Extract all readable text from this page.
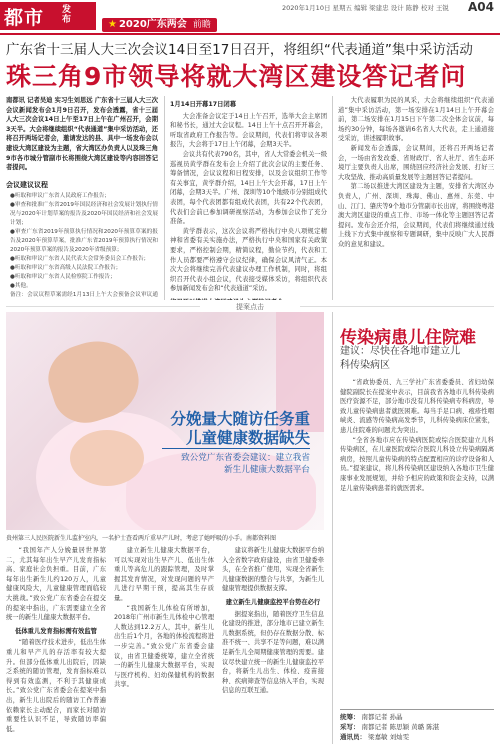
都市 发布	★ 2020广东两会 前瞻
2020年1月10日 星期五 编辑 梁建忠 设计 陈静 校对 王锐 A04
广东省十三届人大三次会议14日至17日召开，将组织“代表通道”集中采访活动
珠三角9市领导将就大湾区建设答记者问

南都讯 记者吴迪 实习生刘思远 广东省十三届人大三次会议新闻发布会1月9日召开，发布会透露，省十三届人大三次会议14日上午至17日上午在广州召开，会期3天半。大会将继续组织“代表通道”集中采访活动，还将召开两场记者会，邀请发达的县、具中一场发布会以建设大湾区建设为主题，省大湾区办负责人以及珠三角9市各市城分管副市长将围绕大湾区建设等内容回答记者提问。

会议建议议程
●听取和审议广东省人民政府工作报告；
●审查和批准广东省2019年国民经济和社会发展计划执行情况与2020年计划草案的报告及2020年国民经济和社会发展计划；
●审查广东省2019年预算执行情况和2020年预算草案的报告及2020年预算草案，批准广东省2019年预算执行情况和2020年预算草案的报告及2020年省级预算；
●听取和审议广东省人民代表大会常务委员会工作报告；
●听取和审议广东省高级人民法院工作报告；
●听取和审议广东省人民检察院工作报告；
●其他。
备注：会议议程草案需经1月13日上午大会预备会议审议通

1月14日开幕17日闭幕

大会准备会议定于14日上午召开，选举大会主席团和秘书长，通过大会议程。14日上午十点召开开幕会，听取省政府工作报告等。会议期间，代表们将审议各项报告，大会将于17日上午闭幕，会期3天半。

会议共有代表790名，其中，省人大常委会机关一级巡视员黄学群在发布会上介绍了此次会议的主要任务、筹备情况，会议议程和日程安排，以及会议组织工作等有关事宜，黄学群介绍，14日上午大会开幕，17日上午闭幕，会期3天半。广州、深圳等10个地级市分别组成代表团，每个代表团都有组成代表团，共有22个代表团，代表们会前已参加调研视察活动，为参加会议作了充分准备。

黄学群表示，这次会议将严格执行中央八项规定精神和省委有关实施办法，严格执行中央和国家有关政策要求，严格控制会期，精简议程，勤俭节约，代表和工作人员都要严格遵守会议纪律，确保会议风清气正。本次大会将继续完善代表建议办理工作机制，同时，将组织召开代表小组会议，代表接受媒体采访，将组织代表参加新闻发布会和“代表通道”采访。

大代表履职为民的风采，大会将继续组织“代表通道”集中采访活动，第一场安排在1月14日上午开幕会前，第二场安排在1月15日下午第二次全体会议前，每场约30分钟，每场各邀请6名省人大代表，走上通道接受采访，讲述履职故事。

新闻发布会透露，会议期间，还将召开两场记者会，一场由省发改委、省财政厅、省人社厅、省生态环境厅主要负责人出席，围绕回应经济社会发展、打好三大攻坚战、推动高质量发展等主题回答记者提问。

第二场以推进大湾区建设为主题，安排省大湾区办负责人，广州、深圳、珠海、佛山、惠州、东莞、中山、江门、肇庆等9个地市分管副市长出席，将围绕粤港澳大湾区建设的重点工作、市场一体化等主题回答记者提问。发布会还介绍，会议期间，代表们将继续通过线上线下方式集中视察和专题调研，集中反映广大人民群众的意见和建议。

提案点击
分娩量大随访任务重
儿童健康数据缺失
致公党广东省委会建议：建立我省
新生儿健康大数据平台
贵州第三人民医院新生儿监护室内，一名护士查看两斤重早产儿时，考虑了她呼吸的小手。南都资料图

“我国年产人分娩量居世界第二，尤其每年出生早产儿发育指标高、家庭社会负担重。目前，广东每年出生新生儿约120万人，儿童健康风险大，儿童健康管理面临较大挑战。”致公党广东省委会在提交的提案中指出，广东需要建立全省统一的新生儿健康大数据平台。

低体重儿发育指标需有效监管

“随着医疗技术进步，低出生体重儿和早产儿的存活率有较大提升。但部分低体重儿出院后，因缺乏系统的随访管理，发育指标难以得到有效监测，不利于其健康成长。”致公党广东省委会在提案中指出，新生儿出院后的随访工作普遍依赖家长主动配合，而家长对随访重要性认识不足，导致随访率偏低。

建立新生儿健康大数据平台，可以实现对出生早产儿、低出生体重儿等高危儿的跟踪管理，及时掌握其发育情况，对发现问题的早产儿进行早期干预，提高其生存质量。

“我国新生儿体检有所增加，2018年广州市新生儿体检中心管理人数达到12.2万人，其中，新生儿出生后1个月，各地的体检流程将进一步完善。”致公党广东省委会建议，由省卫健委统筹，建立全省统一的新生儿健康大数据平台，实现与医疗机构、妇幼保健机构的数据共享。

建议将新生儿健康大数据平台纳入全省数字政府建设，由省卫健委牵头，在全省推广使用，实现全省新生儿健康数据的整合与共享，为新生儿健康管理提供数据支撑。

建立新生儿健康监控平台势在必行

据提案指出，随着医疗卫生信息化建设的推进，部分地市已建立新生儿数据系统，但仍存在数据分散、标准不统一、共享不足等问题，难以满足新生儿全周期健康管理的需要。建议尽快建立统一的新生儿健康监控平台，将新生儿出生、体检、疫苗接种、疾病筛查等信息纳入平台，实现信息的互联互通。

传染病患儿住院难
建议：尽快在各地市建立儿
科传染病区

“省政协委员、九三学社广东省委委员、省妇幼保健院副院长在提案中表示，目前我省各地市儿科传染病医疗资源不足，部分地市没有儿科传染病专科病房，导致儿童传染病患者就医困难。每当手足口病、疱疹性咽峡炎、流感等传染病高发季节，儿科传染病床位紧张，患儿住院难的问题尤为突出。

“全省各地市应在传染病医院或综合医院建立儿科传染病区，在儿童医院或综合医院儿科设立传染病隔离病房，按照儿童传染病的特点配置相应的诊疗设备和人员。”提案建议，将儿科传染病区建设纳入各地市卫生健康事业发展规划，并给予相应的政策和资金支持，以满足儿童传染病患者的就医需求。

统筹： 南都记者 孙晶
采写： 南都记者 陈思颖 黄璐 陈湛
通讯员： 梁嘉敏 刘灿雯
